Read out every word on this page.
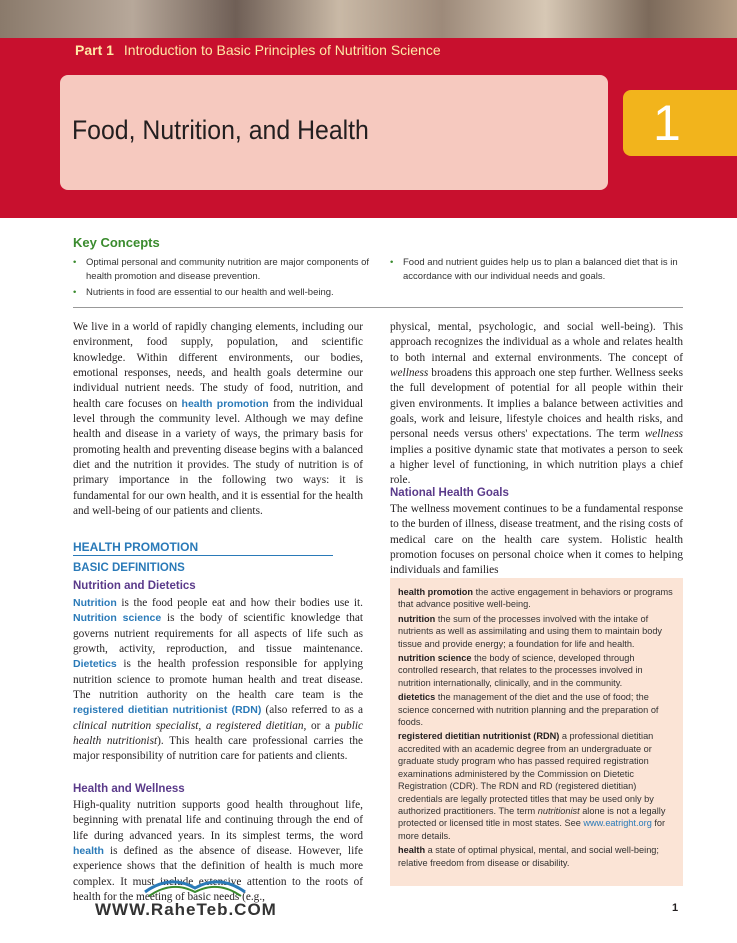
Part 1 Introduction to Basic Principles of Nutrition Science
Food, Nutrition, and Health	1
Key Concepts
• Optimal personal and community nutrition are major components of health promotion and disease prevention.
• Nutrients in food are essential to our health and well-being.
• Food and nutrient guides help us to plan a balanced diet that is in accordance with our individual needs and goals.

We live in a world of rapidly changing elements, including our environment, food supply, population, and scientific knowledge. Within different environments, our bodies, emotional responses, needs, and health goals determine our individual nutrient needs. The study of food, nutrition, and health care focuses on health promotion from the individual level through the community level. Although we may define health and disease in a variety of ways, the primary basis for promoting health and preventing disease begins with a balanced diet and the nutrition it provides. The study of nutrition is of primary importance in the following two ways: it is fundamental for our own health, and it is essential for the health and well-being of our patients and clients.

HEALTH PROMOTION
BASIC DEFINITIONS
Nutrition and Dietetics

Nutrition is the food people eat and how their bodies use it. Nutrition science is the body of scientific knowledge that governs nutrient requirements for all aspects of life such as growth, activity, reproduction, and tissue maintenance. Dietetics is the health profession responsible for applying nutrition science to promote human health and treat disease. The nutrition authority on the health care team is the registered dietitian nutritionist (RDN) (also referred to as a clinical nutrition specialist, a registered dietitian, or a public health nutritionist). This health care professional carries the major responsibility of nutrition care for patients and clients.

Health and Wellness

High-quality nutrition supports good health throughout life, beginning with prenatal life and continuing through the end of life during advanced years. In its simplest terms, the word health is defined as the absence of disease. However, life experience shows that the definition of health is much more complex. It must include extensive attention to the roots of health for the meeting of basic needs (e.g.,

physical, mental, psychologic, and social well-being). This approach recognizes the individual as a whole and relates health to both internal and external environments. The concept of wellness broadens this approach one step further. Wellness seeks the full development of potential for all people within their given environments. It implies a balance between activities and goals, work and leisure, lifestyle choices and health risks, and personal needs versus others' expectations. The term wellness implies a positive dynamic state that motivates a person to seek a higher level of functioning, in which nutrition plays a chief role.

National Health Goals

The wellness movement continues to be a fundamental response to the burden of illness, disease treatment, and the rising costs of medical care on the health care system. Holistic health promotion focuses on personal choice when it comes to helping individuals and families

health promotion the active engagement in behaviors or programs that advance positive well-being.
nutrition the sum of the processes involved with the intake of nutrients as well as assimilating and using them to maintain body tissue and provide energy; a foundation for life and health.
nutrition science the body of science, developed through controlled research, that relates to the processes involved in nutrition internationally, clinically, and in the community.
dietetics the management of the diet and the use of food; the science concerned with nutrition planning and the preparation of foods.
registered dietitian nutritionist (RDN) a professional dietitian accredited with an academic degree from an undergraduate or graduate study program who has passed required registration examinations administered by the Commission on Dietetic Registration (CDR). The RDN and RD (registered dietitian) credentials are legally protected titles that may be used only by authorized practitioners. The term nutritionist alone is not a legally protected or licensed title in most states. See www.eatright.org for more details.
health a state of optimal physical, mental, and social well-being; relative freedom from disease or disability.
WWW.RaheTeb.COM	1
